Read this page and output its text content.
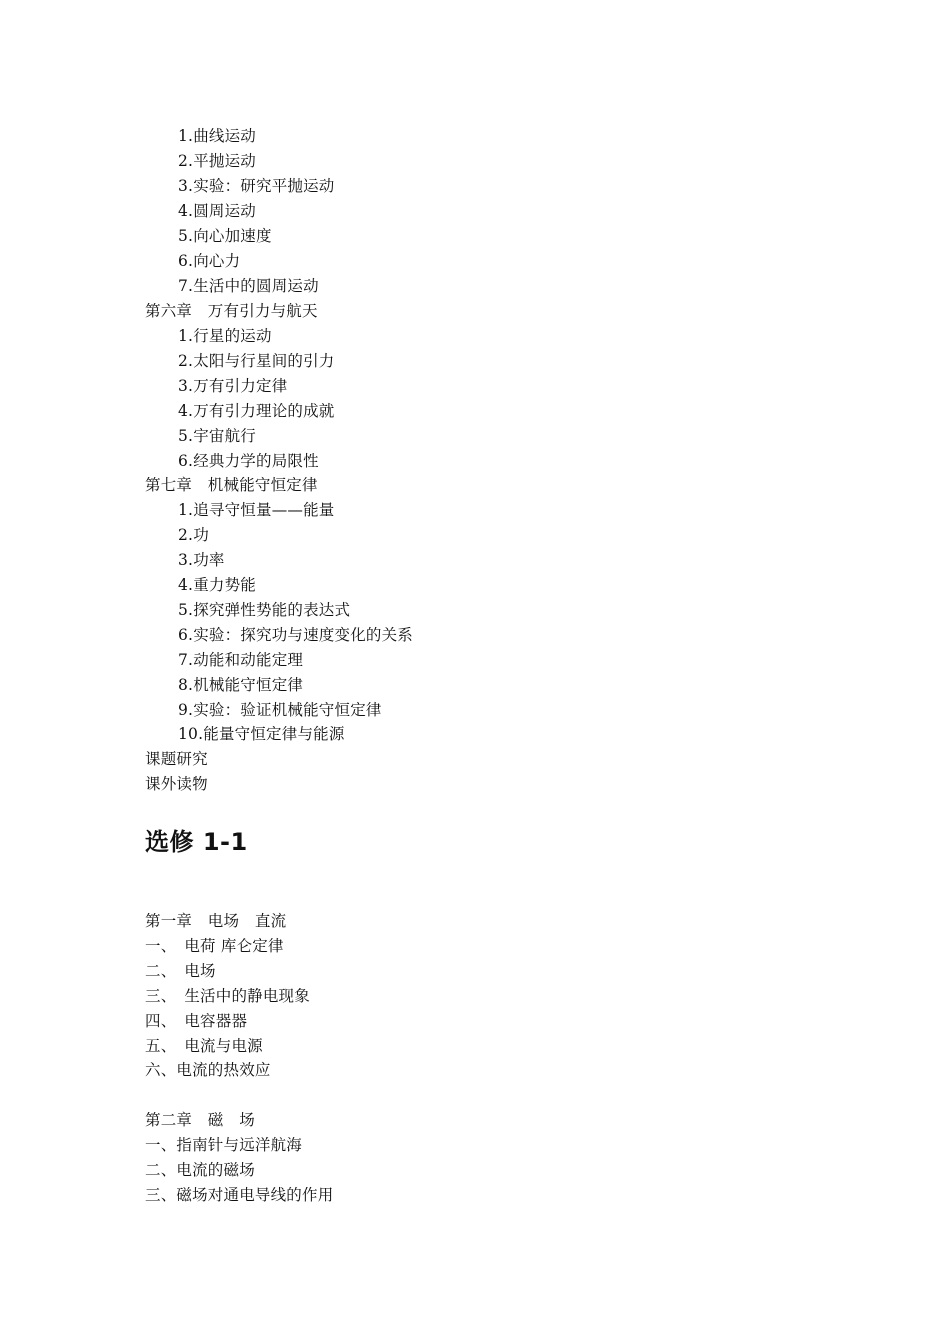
1.曲线运动
2.平抛运动
3.实验：研究平抛运动
4.圆周运动
5.向心加速度
6.向心力
7.生活中的圆周运动
第六章　万有引力与航天
1.行星的运动
2.太阳与行星间的引力
3.万有引力定律
4.万有引力理论的成就
5.宇宙航行
6.经典力学的局限性
第七章　机械能守恒定律
1.追寻守恒量——能量
2.功
3.功率
4.重力势能
5.探究弹性势能的表达式
6.实验：探究功与速度变化的关系
7.动能和动能定理
8.机械能守恒定律
9.实验：验证机械能守恒定律
10.能量守恒定律与能源
课题研究
课外读物
选修 1-1
第一章　电场　直流
一、　电荷 库仑定律
二、　电场
三、　生活中的静电现象
四、　电容器器
五、　电流与电源
六、电流的热效应
第二章　磁　场
一、指南针与远洋航海
二、电流的磁场
三、磁场对通电导线的作用
